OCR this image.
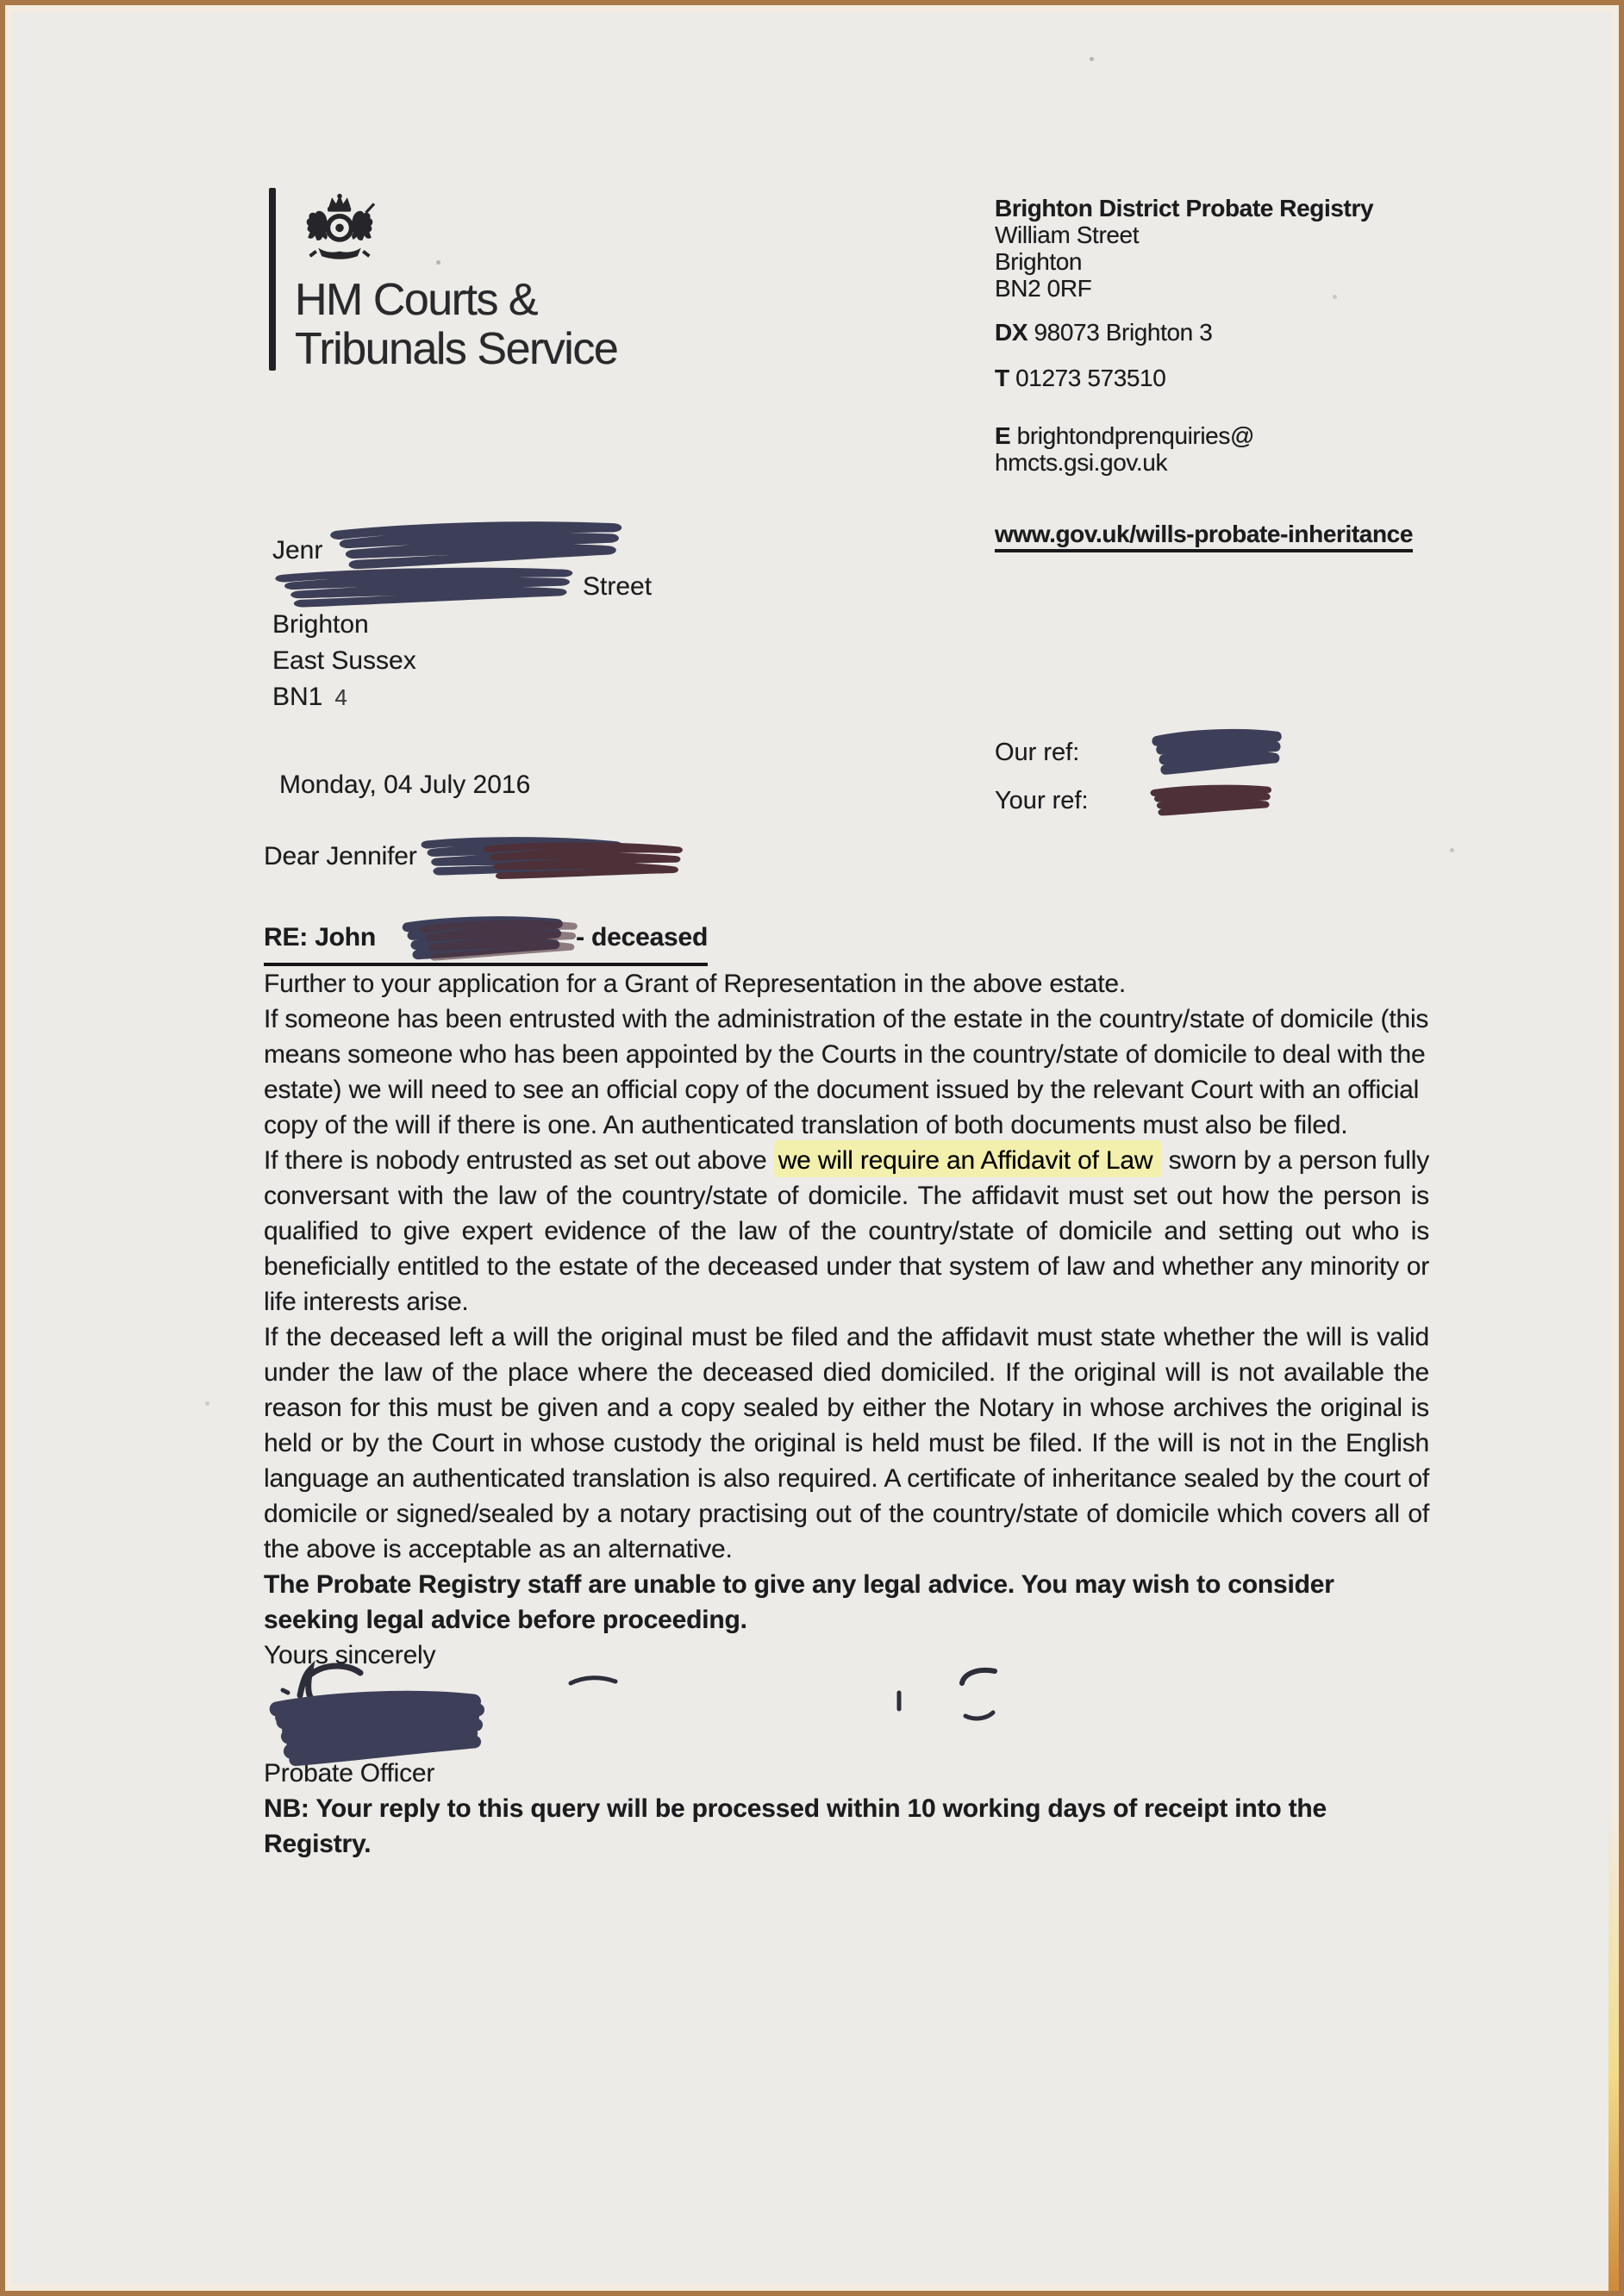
HM Courts &
Tribunals Service
Brighton District Probate Registry
William Street
Brighton
BN2 0RF
DX 98073 Brighton 3
T 01273 573510
E brightondprenquiries@
hmcts.gsi.gov.uk
www.gov.uk/wills-probate-inheritance
Jenr
Street
Brighton
East Sussex
BN1 4
Our ref:
Your ref:
Monday, 04 July 2016
Dear Jennifer
RE: John	- deceased

Further to your application for a Grant of Representation in the above estate.

If someone has been entrusted with the administration of the estate in the country/state of domicile (this means someone who has been appointed by the Courts in the country/state of domicile to deal with the estate) we will need to see an official copy of the document issued by the relevant Court with an official copy of the will if there is one. An authenticated translation of both documents must also be filed.

If there is nobody entrusted as set out above we will require an Affidavit of Law sworn by a person fully conversant with the law of the country/state of domicile. The affidavit must set out how the person is qualified to give expert evidence of the law of the country/state of domicile and setting out who is beneficially entitled to the estate of the deceased under that system of law and whether any minority or life interests arise.

If the deceased left a will the original must be filed and the affidavit must state whether the will is valid under the law of the place where the deceased died domiciled. If the original will is not available the reason for this must be given and a copy sealed by either the Notary in whose archives the original is held or by the Court in whose custody the original is held must be filed. If the will is not in the English language an authenticated translation is also required. A certificate of inheritance sealed by the court of domicile or signed/sealed by a notary practising out of the country/state of domicile which covers all of the above is acceptable as an alternative.

The Probate Registry staff are unable to give any legal advice. You may wish to consider seeking legal advice before proceeding.

Yours sincerely

Probate Officer

NB: Your reply to this query will be processed within 10 working days of receipt into the Registry.
